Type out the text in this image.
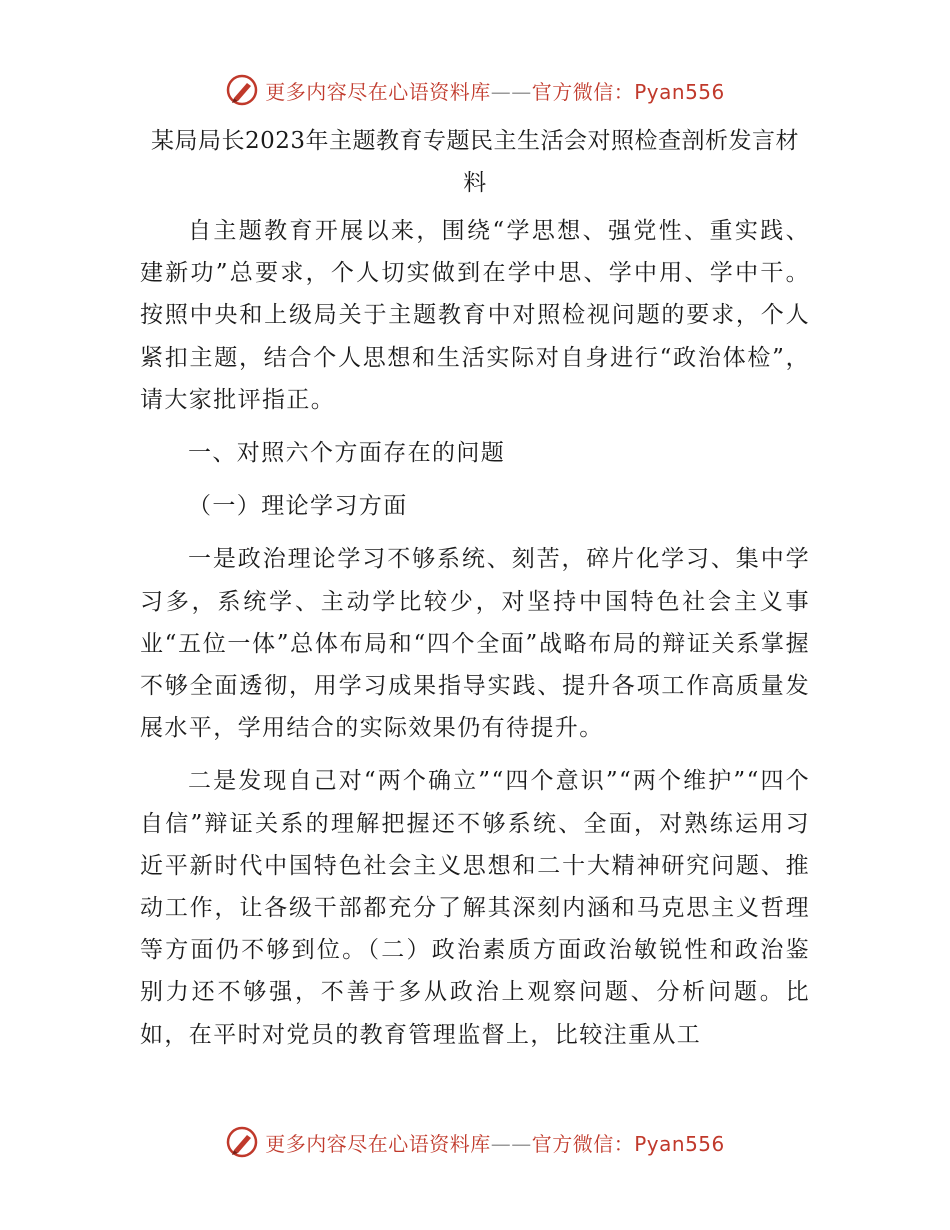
更多内容尽在心语资料库——官方微信：Pyan556
某局局长2023年主题教育专题民主生活会对照检查剖析发言材料

自主题教育开展以来，围绕“学思想、强党性、重实践、建新功”总要求，个人切实做到在学中思、学中用、学中干。按照中央和上级局关于主题教育中对照检视问题的要求，个人紧扣主题，结合个人思想和生活实际对自身进行“政治体检”，请大家批评指正。

一、对照六个方面存在的问题

（一）理论学习方面

一是政治理论学习不够系统、刻苦，碎片化学习、集中学习多，系统学、主动学比较少，对坚持中国特色社会主义事业“五位一体”总体布局和“四个全面”战略布局的辩证关系掌握不够全面透彻，用学习成果指导实践、提升各项工作高质量发展水平，学用结合的实际效果仍有待提升。

二是发现自己对“两个确立”“四个意识”“两个维护”“四个自信”辩证关系的理解把握还不够系统、全面，对熟练运用习近平新时代中国特色社会主义思想和二十大精神研究问题、推动工作，让各级干部都充分了解其深刻内涵和马克思主义哲理等方面仍不够到位。（二）政治素质方面政治敏锐性和政治鉴别力还不够强，不善于多从政治上观察问题、分析问题。比如，在平时对党员的教育管理监督上，比较注重从工

更多内容尽在心语资料库——官方微信：Pyan556
